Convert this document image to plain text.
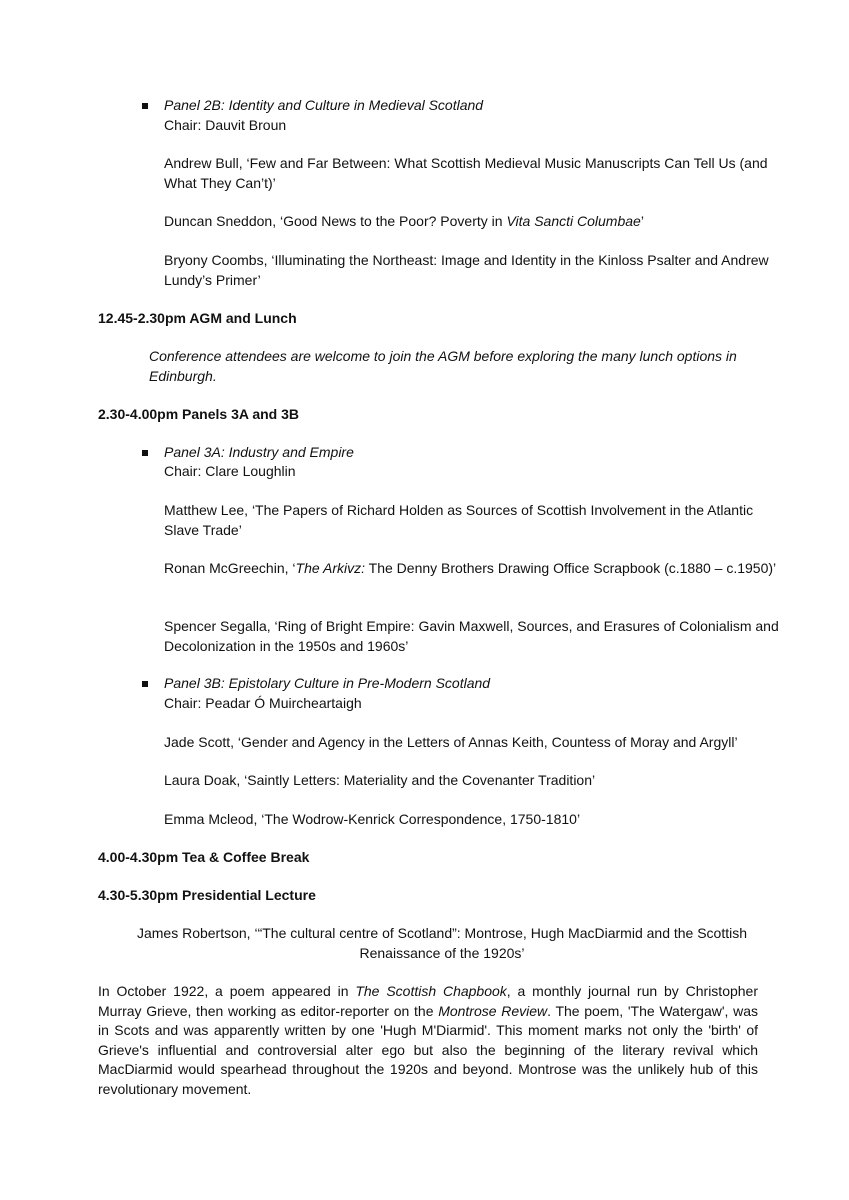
Panel 2B: Identity and Culture in Medieval Scotland
Chair: Dauvit Broun
Andrew Bull, ‘Few and Far Between: What Scottish Medieval Music Manuscripts Can Tell Us (and What They Can’t)’
Duncan Sneddon, ‘Good News to the Poor? Poverty in Vita Sancti Columbae’
Bryony Coombs, ‘Illuminating the Northeast: Image and Identity in the Kinloss Psalter and Andrew Lundy’s Primer’
12.45-2.30pm AGM and Lunch
Conference attendees are welcome to join the AGM before exploring the many lunch options in Edinburgh.
2.30-4.00pm Panels 3A and 3B
Panel 3A: Industry and Empire
Chair: Clare Loughlin
Matthew Lee, ‘The Papers of Richard Holden as Sources of Scottish Involvement in the Atlantic Slave Trade’
Ronan McGreechin, ‘The Arkivz: The Denny Brothers Drawing Office Scrapbook (c.1880 – c.1950)’
Spencer Segalla, ‘Ring of Bright Empire: Gavin Maxwell, Sources, and Erasures of Colonialism and Decolonization in the 1950s and 1960s’
Panel 3B: Epistolary Culture in Pre-Modern Scotland
Chair: Peadar Ó Muircheartaigh
Jade Scott, ‘Gender and Agency in the Letters of Annas Keith, Countess of Moray and Argyll’
Laura Doak, ‘Saintly Letters: Materiality and the Covenanter Tradition’
Emma Mcleod, ‘The Wodrow-Kenrick Correspondence, 1750-1810’
4.00-4.30pm Tea & Coffee Break
4.30-5.30pm Presidential Lecture
James Robertson, ‘“The cultural centre of Scotland”: Montrose, Hugh MacDiarmid and the Scottish Renaissance of the 1920s’
In October 1922, a poem appeared in The Scottish Chapbook, a monthly journal run by Christopher Murray Grieve, then working as editor-reporter on the Montrose Review. The poem, 'The Watergaw', was in Scots and was apparently written by one 'Hugh M'Diarmid'. This moment marks not only the 'birth' of Grieve's influential and controversial alter ego but also the beginning of the literary revival which MacDiarmid would spearhead throughout the 1920s and beyond. Montrose was the unlikely hub of this revolutionary movement.
